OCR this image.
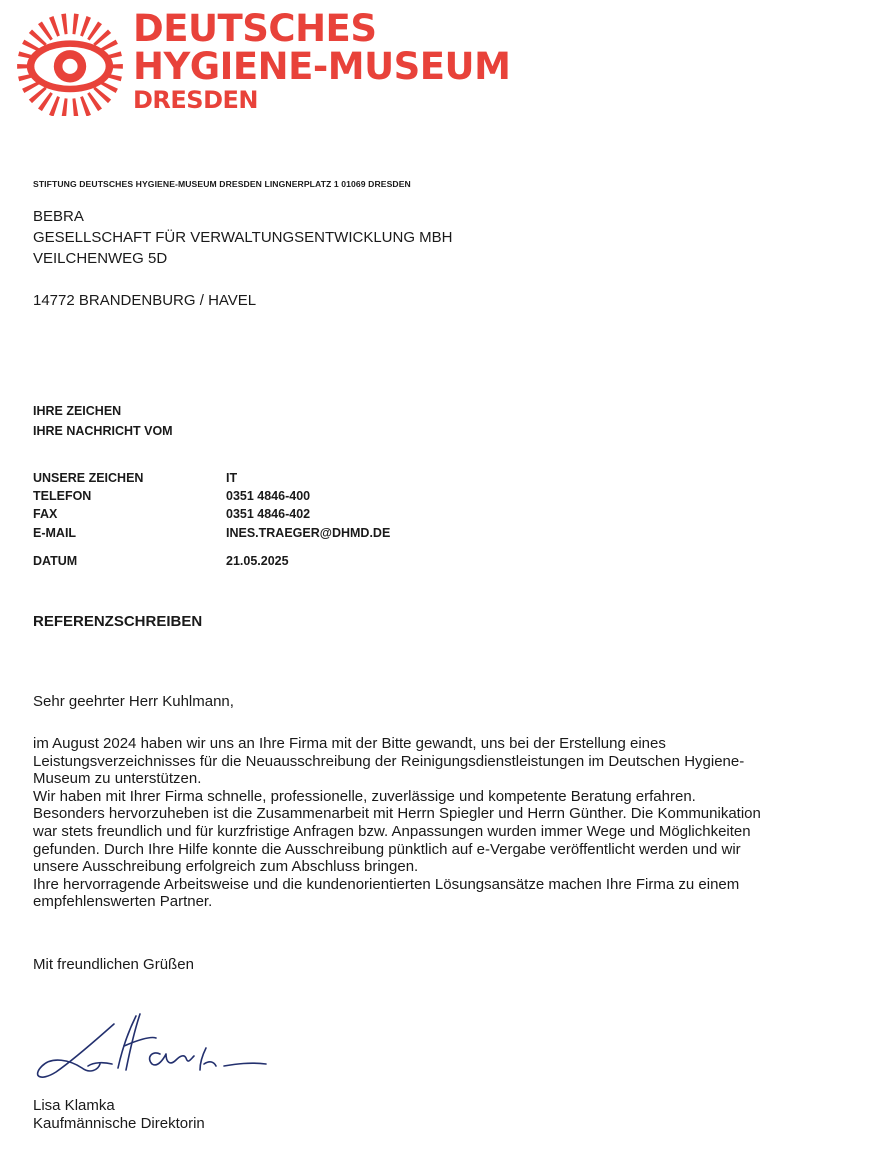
DEUTSCHES
HYGIENE-MUSEUM
DRESDEN
STIFTUNG DEUTSCHES HYGIENE-MUSEUM DRESDEN LINGNERPLATZ 1 01069 DRESDEN
BEBRA
GESELLSCHAFT FÜR VERWALTUNGSENTWICKLUNG MBH
VEILCHENWEG 5D
14772 BRANDENBURG / HAVEL
IHRE ZEICHEN
IHRE NACHRICHT VOM
UNSERE ZEICHEN	IT
TELEFON	0351 4846-400
FAX	0351 4846-402
E-MAIL	INES.TRAEGER@DHMD.DE
DATUM	21.05.2025
REFERENZSCHREIBEN
Sehr geehrter Herr Kuhlmann,
im August 2024 haben wir uns an Ihre Firma mit der Bitte gewandt, uns bei der Erstellung eines
Leistungsverzeichnisses für die Neuausschreibung der Reinigungsdienstleistungen im Deutschen Hygiene-
Museum zu unterstützen.
Wir haben mit Ihrer Firma schnelle, professionelle, zuverlässige und kompetente Beratung erfahren.
Besonders hervorzuheben ist die Zusammenarbeit mit Herrn Spiegler und Herrn Günther. Die Kommunikation
war stets freundlich und für kurzfristige Anfragen bzw. Anpassungen wurden immer Wege und Möglichkeiten
gefunden. Durch Ihre Hilfe konnte die Ausschreibung pünktlich auf e-Vergabe veröffentlicht werden und wir
unsere Ausschreibung erfolgreich zum Abschluss bringen.
Ihre hervorragende Arbeitsweise und die kundenorientierten Lösungsansätze machen Ihre Firma zu einem
empfehlenswerten Partner.
Mit freundlichen Grüßen
Lisa Klamka
Kaufmännische Direktorin
